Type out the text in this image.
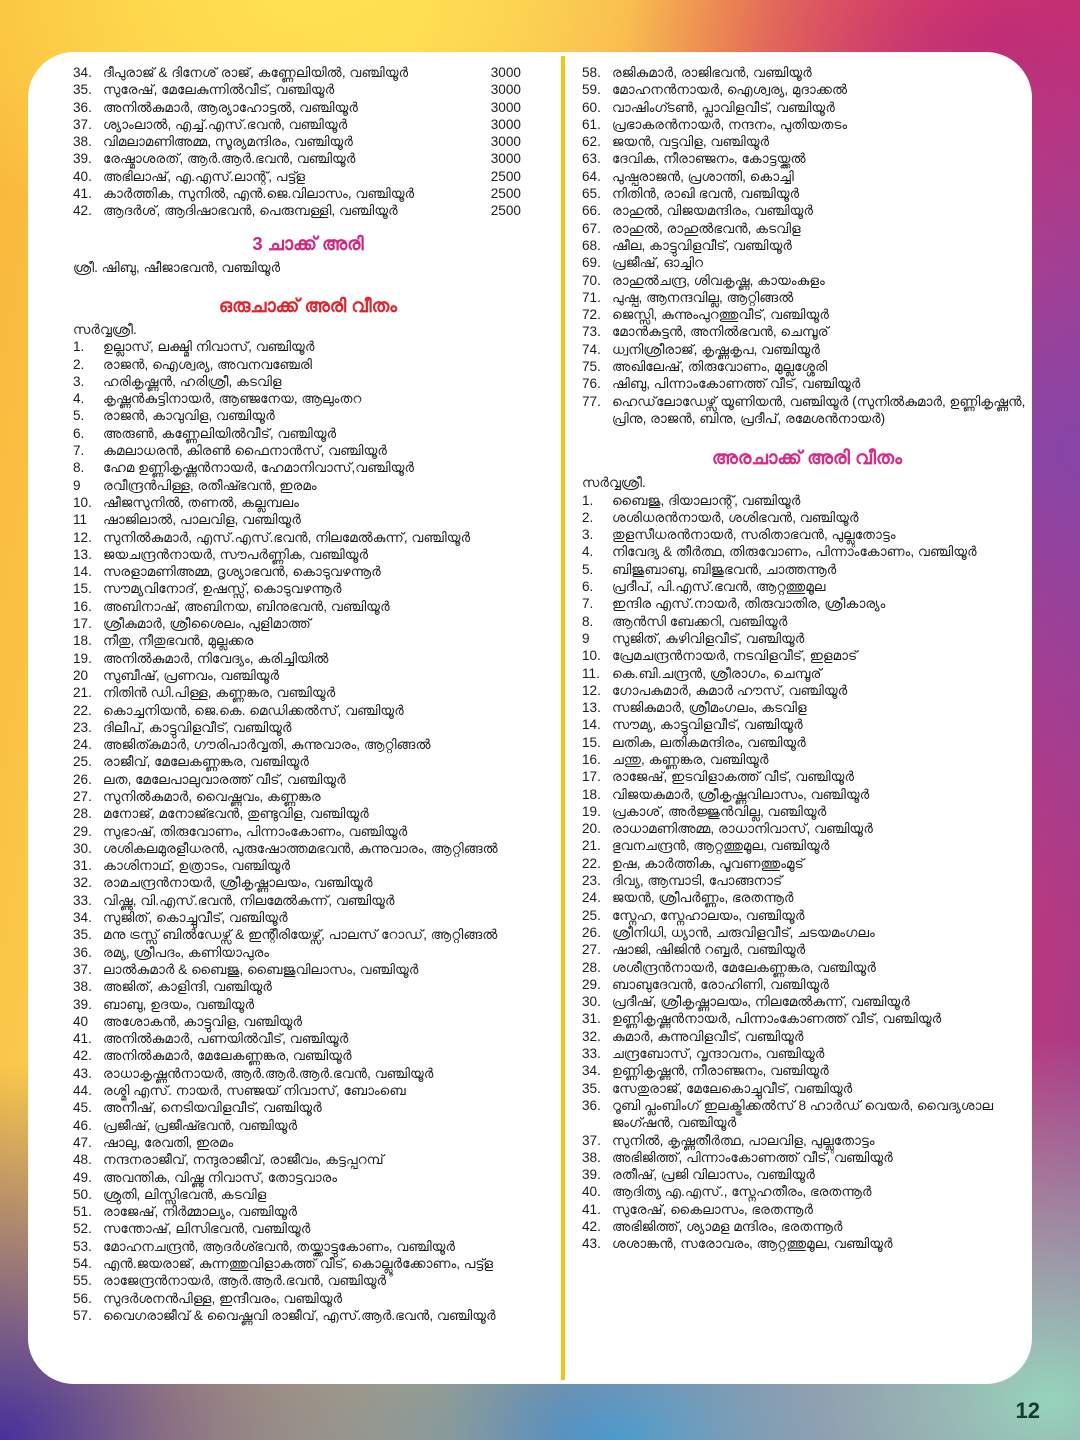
34. ദീപുരാജ് & ദിനേശ് രാജ്, കണ്ണേലിയിൽ, വഞ്ചിയൂർ	3000
35. സുരേഷ്, മേലേകുന്നിൽവീട്, വഞ്ചിയൂർ	3000
36. അനിൽകുമാർ, ആര്യാഹോട്ടൽ, വഞ്ചിയൂർ	3000
37. ശ്യാംലാൽ, എച്ച്.എസ്.ഭവൻ, വഞ്ചിയൂർ	3000
38. വിമലാമണിഅമ്മ, സൂര്യമന്ദിരം, വഞ്ചിയൂർ	3000
39. രേഷ്മാശരത്, ആർ.ആർ.ഭവൻ, വഞ്ചിയൂർ	3000
40. അഭിലാഷ്, എ.എസ്.ലാന്റ്, പട്ട്ള	2500
41. കാർത്തിക, സുനിൽ, എൻ.ജെ.വിലാസം, വഞ്ചിയൂർ	2500
42. ആദർശ്, ആദിഷാഭവൻ, പെരുമ്പള്ളി, വഞ്ചിയൂർ	2500
3 ചാക്ക് അരി
ശ്രീ. ഷിബു, ഷീജാഭവൻ, വഞ്ചിയൂർ
ഒരുചാക്ക് അരി വീതം
സർവ്വശ്രീ.
1.	ഉല്ലാസ്, ലക്ഷ്മി നിവാസ്, വഞ്ചിയൂർ
2.	രാജൻ, ഐശ്വര്യ, അവനവഞ്ചേരി
3.	ഹരികൃഷ്ണൻ, ഹരിശ്രീ, കടവിള
4.	കൃഷ്ണൻകുട്ടിനായർ, ആഞ്ജനേയ, ആലുംതറ
5.	രാജൻ, കാവുവിള, വഞ്ചിയൂർ
6.	അരുൺ, കണ്ണേലിയിൽവീട്, വഞ്ചിയൂർ
7.	കമലാധരൻ, കിരൺ ഫൈനാൻസ്, വഞ്ചിയൂർ
8.	ഹേമ ഉണ്ണികൃഷ്ണൻനായർ, ഹേമാനിവാസ്,വഞ്ചിയൂർ
9	രവീന്ദ്രൻപിള്ള, രതീഷ്ഭവൻ, ഇരമം
10. ഷീജസുനിൽ, തണൽ, കല്ലമ്പലം
11	ഷാജിലാൽ, പാലവിള, വഞ്ചിയൂർ
12. സുനിൽകുമാർ, എസ്.എസ്.ഭവൻ, നിലമേൽകുന്ന്, വഞ്ചിയൂർ
13. ജയചന്ദ്രൻനായർ, സൗപർണ്ണിക, വഞ്ചിയൂർ
14. സരളാമണിഅമ്മ, ദൃശ്യാഭവൻ, കൊടുവഴന്നൂർ
15. സൗമ്യവിനോദ്, ഉഷസ്സ്, കൊടുവഴന്നൂർ
16. അബിനാഷ്, അബിനയ, ബിനുഭവൻ, വഞ്ചിയൂർ
17. ശ്രീകുമാർ, ശ്രീശൈലം, പുളിമാത്ത്
18. നീതു, നീതുഭവൻ, മുല്ലക്കര
19. അനിൽകുമാർ, നിവേദ്യം, കരിച്ചിയിൽ
20	സുബീഷ്, പ്രണവം, വഞ്ചിയൂർ
21. നിതിൻ ഡി.പിള്ള, കണ്ണങ്കര, വഞ്ചിയൂർ
22. കൊച്ചനിയൻ, ജെ.കെ. മെഡിക്കൽസ്, വഞ്ചിയൂർ
23. ദിലീപ്, കാട്ടുവിളവീട്, വഞ്ചിയൂർ
24. അജിത്കുമാർ, ഗൗരിപാർവ്വതി, കുന്നുവാരം, ആറ്റിങ്ങൽ
25. രാജീവ്, മേലേകണ്ണങ്കര, വഞ്ചിയൂർ
26. ലത, മേലേപാലുവാരത്ത് വീട്, വഞ്ചിയൂർ
27. സുനിൽകുമാർ, വൈഷ്ണവം, കണ്ണങ്കര
28. മനോജ്, മനോജ്ഭവൻ, തുണ്ടുവിള, വഞ്ചിയൂർ
29. സുഭാഷ്, തിരുവോണം, പിന്നാംകോണം, വഞ്ചിയൂർ
30. ശശികലമുരളീധരൻ, പുരുഷോത്തമഭവൻ, കുന്നുവാരം, ആറ്റിങ്ങൽ
31. കാശിനാഥ്, ഉത്രാടം, വഞ്ചിയൂർ
32. രാമചന്ദ്രൻനായർ, ശ്രീകൃഷ്ണാലയം, വഞ്ചിയൂർ
33. വിഷ്ണു, വി.എസ്.ഭവൻ, നിലമേൽകുന്ന്, വഞ്ചിയൂർ
34. സുജിത്, കൊച്ചുവീട്, വഞ്ചിയൂർ
35. മനു ട്രസ്സ് ബിൽഡേഴ്സ് & ഇന്റീരിയേഴ്സ്, പാലസ് റോഡ്, ആറ്റിങ്ങൽ
36. രമ്യ, ശ്രീപദം, കണിയാപുരം
37. ലാൽകുമാർ & ബൈജു, ബൈജുവിലാസം, വഞ്ചിയൂർ
38. അജിത്, കാളിന്ദി, വഞ്ചിയൂർ
39. ബാബു, ഉദയം, വഞ്ചിയൂർ
40	അശോകൻ, കാട്ടുവിള, വഞ്ചിയൂർ
41. അനിൽകുമാർ, പണയിൽവീട്, വഞ്ചിയൂർ
42. അനിൽകുമാർ, മേലേകണ്ണങ്കര, വഞ്ചിയൂർ
43. രാധാകൃഷ്ണൻനായർ, ആർ.ആർ.ആർ.ഭവൻ, വഞ്ചിയൂർ
44. രശ്മി എസ്. നായർ, സഞ്ജയ് നിവാസ്, ബോംബെ
45. അനീഷ്, നെടിയവിളവീട്, വഞ്ചിയൂർ
46. പ്രജീഷ്, പ്രജീഷ്ഭവൻ, വഞ്ചിയൂർ
47. ഷാലു, രേവതി, ഇരമം
48. നന്ദനരാജീവ്, നന്ദുരാജീവ്, രാജീവം, കട്ടപ്പറമ്പ്
49. അവന്തിക, വിഷ്ണു നിവാസ്, തോട്ടവാരം
50. ശ്രുതി, ലിസ്സിഭവൻ, കടവിള
51. രാജേഷ്, നിർമ്മാല്യം, വഞ്ചിയൂർ
52. സന്തോഷ്, ലിസിഭവൻ, വഞ്ചിയൂർ
53. മോഹനചന്ദ്രൻ, ആദർശ്ഭവൻ, തയ്ക്കാട്ടുകോണം, വഞ്ചിയൂർ
54. എൻ.ജയരാജ്, കുന്നത്തുവിളാകത്ത് വീട്, കൊല്ലൂർക്കോണം, പട്ട്ള
55. രാജേന്ദ്രൻനായർ, ആർ.ആർ.ഭവൻ, വഞ്ചിയൂർ
56. സുദർശനൻപിള്ള, ഇന്ദീവരം, വഞ്ചിയൂർ
57. വൈഗരാജീവ് & വൈഷ്ണവി രാജീവ്, എസ്.ആർ.ഭവൻ, വഞ്ചിയൂർ
58. രജികുമാർ, രാജിഭവൻ, വഞ്ചിയൂർ
59. മോഹനൻനായർ, ഐശ്വര്യ, മുദാക്കൽ
60. വാഷിംഗ്ടൺ, പ്ലാവിളവീട്, വഞ്ചിയൂർ
61. പ്രഭാകരൻനായർ, നന്ദനം, പുതിയതടം
62. ജയൻ, വട്ടവിള, വഞ്ചിയൂർ
63. ദേവിക, നീരാഞ്ജനം, കോട്ടയ്ക്കൽ
64. പുഷ്പരാജൻ, പ്രശാന്തി, കൊച്ചി
65. നിതിൻ, രാഖി ഭവൻ, വഞ്ചിയൂർ
66. രാഹുൽ, വിജയമന്ദിരം, വഞ്ചിയൂർ
67. രാഹുൽ, രാഹുൽഭവൻ, കടവിള
68. ഷീല, കാട്ടുവിളവീട്, വഞ്ചിയൂർ
69. പ്രജീഷ്, ഓച്ചിറ
70. രാഹുൽചന്ദ്ര, ശിവകൃഷ്ണ, കായംകുളം
71. പുഷ്പ, ആനന്ദവില്ല, ആറ്റിങ്ങൽ
72. ജെസ്സി, കുന്നുംപുറത്തുവീട്, വഞ്ചിയൂർ
73. മോൻകുട്ടൻ, അനിൽഭവൻ, ചെമ്പൂര്
74. ധ്വനിശ്രീരാജ്, കൃഷ്ണകൃപ, വഞ്ചിയൂർ
75. അഖിലേഷ്, തിരുവോണം, മുല്ലശ്ശേരി
76. ഷിബു, പിന്നാംകോണത്ത് വീട്, വഞ്ചിയൂർ
77. ഹെഡ്‌ലോഡേഴ്സ് യൂണിയൻ, വഞ്ചിയൂർ (സുനിൽകുമാർ, ഉണ്ണികൃഷ്ണൻ, പ്രിനു, രാജൻ, ബിനു, പ്രദീപ്, രമേശൻനായർ)
അരചാക്ക് അരി വീതം
സർവ്വശ്രീ.
1.	ബൈജു, ദിയാലാന്റ്, വഞ്ചിയൂർ
2.	ശശിധരൻനായർ, ശശിഭവൻ, വഞ്ചിയൂർ
3.	തുളസീധരൻനായർ, സരിതാഭവൻ, പുല്ലുതോട്ടം
4.	നിവേദ്യ & തീർത്ഥ, തിരുവോണം, പിന്നാംകോണം, വഞ്ചിയൂർ
5.	ബിജുബാബു, ബിജുഭവൻ, ചാത്തന്നൂർ
6.	പ്രദീപ്, പി.എസ്.ഭവൻ, ആറ്റത്തുമൂല
7.	ഇന്ദിര എസ്.നായർ, തിരുവാതിര, ശ്രീകാര്യം
8.	ആൻസി ബേക്കറി, വഞ്ചിയൂർ
9	സുജിത്, കുഴിവിളവീട്, വഞ്ചിയൂർ
10. പ്രേമചന്ദ്രൻനായർ, നടവിളവീട്, ഇളമാട്
11. കെ.ബി.ചന്ദ്രൻ, ശ്രീരാഗം, ചെമ്പൂര്
12. ഗോപകുമാർ, കുമാർ ഹൗസ്, വഞ്ചിയൂർ
13. സജികുമാർ, ശ്രീമംഗലം, കടവിള
14. സൗമ്യ, കാട്ടുവിളവീട്, വഞ്ചിയൂർ
15. ലതിക, ലതികമന്ദിരം, വഞ്ചിയൂർ
16. ചന്തു, കണ്ണങ്കര, വഞ്ചിയൂർ
17. രാജേഷ്, ഇടവിളാകത്ത് വീട്, വഞ്ചിയൂർ
18. വിജയകുമാർ, ശ്രീകൃഷ്ണവിലാസം, വഞ്ചിയൂർ
19. പ്രകാശ്, അർജ്ജുൻവില്ല, വഞ്ചിയൂർ
20. രാധാമണിഅമ്മ, രാധാനിവാസ്, വഞ്ചിയൂർ
21. ഭുവനചന്ദ്രൻ, ആറ്റത്തുമൂല, വഞ്ചിയൂർ
22. ഉഷ, കാർത്തിക, പൂവണത്തുംമൂട്
23. ദിവ്യ, ആമ്പാടി, പോങ്ങനാട്
24. ജയൻ, ശ്രീപർണ്ണം, ഭരതന്നൂർ
25. സ്നേഹ, സ്നേഹാലയം, വഞ്ചിയൂർ
26. ശ്രീനിധി, ധ്യാൻ, ചരുവിളവീട്, ചടയമംഗലം
27. ഷാജി, ഷിജിൻ റബ്ബർ, വഞ്ചിയൂർ
28. ശശീന്ദ്രൻനായർ, മേലേകണ്ണങ്കര, വഞ്ചിയൂർ
29. ബാബുദേവൻ, രോഹിണി, വഞ്ചിയൂർ
30. പ്രദീഷ്, ശ്രീകൃഷ്ണാലയം, നിലമേൽകുന്ന്, വഞ്ചിയൂർ
31. ഉണ്ണികൃഷ്ണൻനായർ, പിന്നാംകോണത്ത് വീട്, വഞ്ചിയൂർ
32. കുമാർ, കുന്നുവിളവീട്, വഞ്ചിയൂർ
33. ചന്ദ്രബോസ്, വൃന്ദാവനം, വഞ്ചിയൂർ
34. ഉണ്ണികൃഷ്ണൻ, നീരാഞ്ജനം, വഞ്ചിയൂർ
35. സേതുരാജ്, മേലേകൊച്ചുവീട്, വഞ്ചിയൂർ
36. റൂബി പ്ലംബിംഗ് ഇലക്ട്രിക്കൽസ് 8 ഹാർഡ് വെയർ, വൈദ്യശാല ജംഗ്ഷൻ, വഞ്ചിയൂർ
37. സുനിൽ, കൃഷ്ണതീർത്ഥ, പാലവിള, പുല്ലുതോട്ടം
38. അഭിജിത്ത്, പിന്നാംകോണത്ത് വീട്, വഞ്ചിയൂർ
39. രതീഷ്, പ്രജി വിലാസം, വഞ്ചിയൂർ
40. ആദിത്യ എ.എസ്., സ്നേഹതീരം, ഭരതന്നൂർ
41. സുരേഷ്, കൈലാസം, ഭരതന്നൂർ
42. അഭിജിത്ത്, ശ്യാമള മന്ദിരം, ഭരതന്നൂർ
43. ശശാങ്കൻ, സരോവരം, ആറ്റത്തുമൂല, വഞ്ചിയൂർ
12
